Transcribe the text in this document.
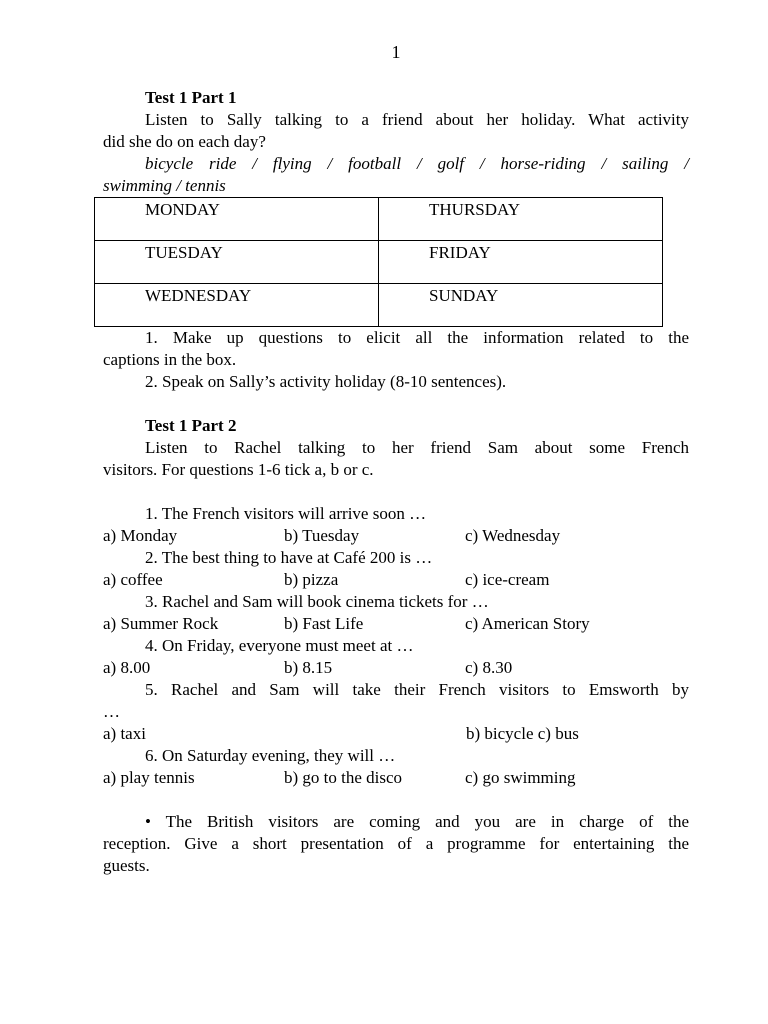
1

Test 1 Part 1

Listen to Sally talking to a friend about her holiday. What activity

did she do on each day?

bicycle ride / flying / football / golf / horse-riding / sailing /

swimming / tennis

MONDAY	THURSDAY
TUESDAY	FRIDAY
WEDNESDAY	SUNDAY

1. Make up questions to elicit all the information related to the

captions in the box.

2. Speak on Sally’s activity holiday (8-10 sentences).

Test 1 Part 2

Listen to Rachel talking to her friend Sam about some French

visitors. For questions 1-6 tick a, b or c.

1. The French visitors will arrive soon …

a) Monday	b) Tuesday	c) Wednesday

2. The best thing to have at Café 200 is …

a) coffee	b) pizza	c) ice-cream

3. Rachel and Sam will book cinema tickets for …

a) Summer Rock	b) Fast Life	c) American Story

4. On Friday, everyone must meet at …

a) 8.00	b) 8.15	c) 8.30

5. Rachel and Sam will take their French visitors to Emsworth by

…

a) taxi	b) bicycle c) bus

6. On Saturday evening, they will …

a) play tennis	b) go to the disco	c) go swimming

• The British visitors are coming and you are in charge of the

reception. Give a short presentation of a programme for entertaining the

guests.
